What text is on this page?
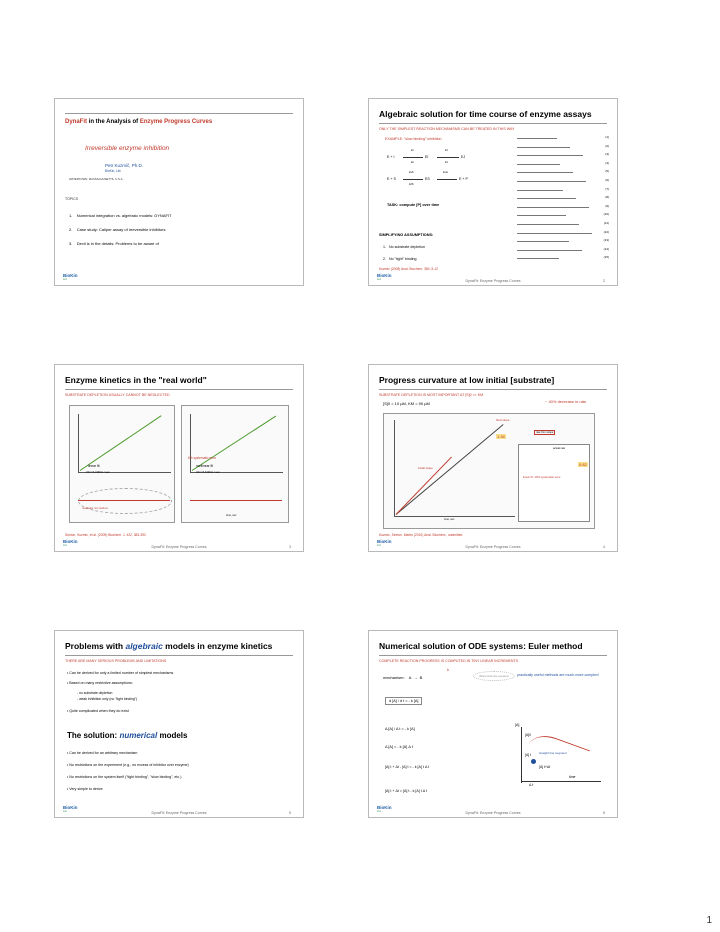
DynaFit in the Analysis of Enzyme Progress Curves
Irreversible enzyme inhibition
Petr Kuzmič, Ph.D.
BioKin, Ltd.
WATERTOWN, MASSACHUSETTS, U.S.A.
TOPICS
1.    Numerical integration vs. algebraic models: DYNAFIT
2.    Case study: Caliper assay of irreversible inhibitors
3.    Devil is in the details: Problems to be aware of
BioKin
Ltd.
Algebraic solution for time course of enzyme assays
ONLY THE SIMPLEST REACTION MECHANISMS CAN BE TREATED IN THIS WAY
EXAMPLE: "slow binding" inhibition
E + I	EI	EJ
k1
k2
k3
k4
E + S	ES	E + P
kaS
kdS
kcat
TASK: compute [P] over time
SIMPLIFYING ASSUMPTIONS:
1.   No substrate depletion
2.   No "tight" binding
(1)
(2)
(3)
(4)
(5)
(6)
(7)
(8)
(9)
(10)
(11)
(12)
(13)
(14)
(15)
Kuzmic (2008) Anal. Biochem. 380, 5-12
DynaFit: Enzyme Progress Curves	2
BioKin
Ltd.
Enzyme kinetics in the "real world"
SUBSTRATE DEPLETION USUALLY CANNOT BE NEGLECTED
linear fit
V0 = 5.3 RFU / sec
residuals not random
6% systematic error
nonlinear fit
V0 = 5.6 RFU / sec
time, sec
Sexton, Kuzmic, et al. (2009) Biochem. J. 422, 383-392
DynaFit: Enzyme Progress Curves	3
BioKin
Ltd.
Progress curvature at low initial [substrate]
SUBSTRATE DEPLETION IS MOST IMPORTANT AT [S]0 << KM
[S]0 = 10 µM, KM = 90 µM	~ 40% decrease in rate
final slope
1.34
initial slope
actual rate
linear fit: 10% systematic error
rate from slope
0.82
time, sec
Kuzmic, Sexton, Martin (2010) Anal. Biochem., submitted
DynaFit: Enzyme Progress Curves	4
BioKin
Ltd.
Problems with algebraic models in enzyme kinetics
THERE ARE MANY SERIOUS PROBLEMS AND LIMITATIONS
• Can be derived for only a limited number of simplest mechanisms
• Based on many restrictive assumptions:
- no substrate depletion
- weak inhibition only (no "tight binding")
• Quite complicated when they do exist
The solution: numerical models
• Can be derived for an arbitrary mechanism
• No restrictions on the experiment (e.g., no excess of inhibitor over enzyme)
• No restrictions on the system itself ("tight binding", "slow binding", etc.)
• Very simple to derive
DynaFit: Enzyme Progress Curves	5
BioKin
Ltd.
Numerical solution of ODE systems: Euler method
COMPLETE REACTION PROGRESS IS COMPUTED IN TINY LINEAR INCREMENTS
k
mechanism:    A  →  B	differential rate equation	practically useful methods are much more complex!
d [A] / d t = - k [A]
Δ [A] / Δ t = - k [A]
Δ [A] = - k [A] Δ t
[A] t + Δt - [A] t = - k [A] t Δ t
[A] t + Δt = [A] t - k [A] t Δ t
[A]
[A]0
[A] t
[A] t+Δt
straight line segment
time
Δ t
DynaFit: Enzyme Progress Curves	6
BioKin
Ltd.
1
